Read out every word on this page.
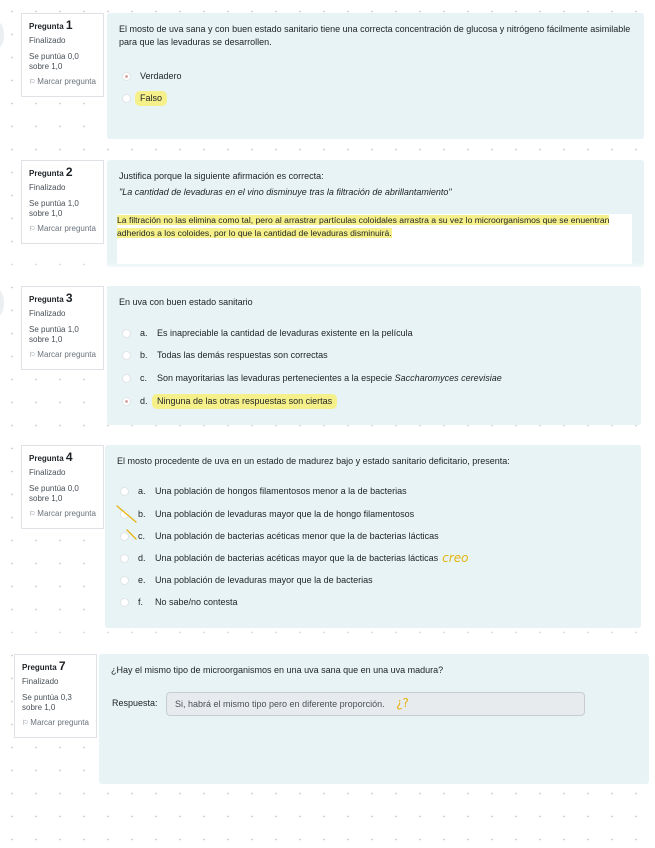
Pregunta 1
Finalizado
Se puntúa 0,0 sobre 1,0
⚐ Marcar pregunta

El mosto de uva sana y con buen estado sanitario tiene una correcta concentración de glucosa y nitrógeno fácilmente asimilable para que las levaduras se desarrollen.

Verdadero
Falso
Pregunta 2
Finalizado
Se puntúa 1,0 sobre 1,0
⚐ Marcar pregunta

Justifica porque la siguiente afirmación es correcta:

"La cantidad de levaduras en el vino disminuye tras la filtración de abrillantamiento"

La filtración no las elimina como tal, pero al arrastrar partículas coloidales arrastra a su vez lo microorganismos que se enuentran adheridos a los coloides, por lo que la cantidad de levaduras disminuirá.
Pregunta 3
Finalizado
Se puntúa 1,0 sobre 1,0
⚐ Marcar pregunta

En uva con buen estado sanitario

a.	Es inapreciable la cantidad de levaduras existente en la película
b.	Todas las demás respuestas son correctas
c.	Son mayoritarias las levaduras pertenecientes a la especie
Saccharomyces cerevisiae
d.	Ninguna de las otras respuestas son ciertas
Pregunta 4
Finalizado
Se puntúa 0,0 sobre 1,0
⚐ Marcar pregunta

El mosto procedente de uva en un estado de madurez bajo y estado sanitario deficitario, presenta:

a.	Una población de hongos filamentosos menor a la de bacterias
b.	Una población de levaduras mayor que la de hongo filamentosos
c.	Una población de bacterias acéticas menor que la de bacterias lácticas
d.	Una población de bacterias acéticas mayor que la de bacterias lácticas creo
e.	Una población de levaduras mayor que la de bacterias
f.	No sabe/no contesta
Pregunta 7
Finalizado
Se puntúa 0,3 sobre 1,0
⚐ Marcar pregunta

¿Hay el mismo tipo de microorganismos en una uva sana que en una uva madura?

Respuesta:	Si, habrá el mismo tipo pero en diferente proporción. ¿?
